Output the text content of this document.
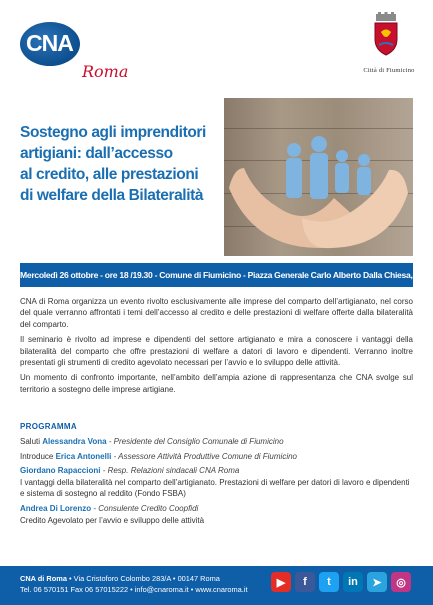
CNA
Roma	Città di Fiumicino
Sostegno agli imprenditori
artigiani: dall’accesso
al credito, alle prestazioni
di welfare della Bilateralità
Mercoledì 26 ottobre - ore 18 /19.30 - Comune di Fiumicino - Piazza Generale Carlo Alberto Dalla Chiesa, 78

CNA di Roma organizza un evento rivolto esclusivamente alle imprese del comparto dell’artigianato, nel corso del quale verranno affrontati i temi dell’accesso al credito e delle prestazioni di welfare offerte dalla bilateralità del comparto.

Il seminario è rivolto ad imprese e dipendenti del settore artigianato e mira a conoscere i vantaggi della bilateralità del comparto che offre prestazioni di welfare a datori di lavoro e dipendenti. Verranno inoltre presentati gli strumenti di credito agevolato necessari per l’avvio e lo sviluppo delle attività.

Un momento di confronto importante, nell’ambito dell’ampia azione di rappresentanza che CNA svolge sul territorio a sostegno delle imprese artigiane.

PROGRAMMA
Saluti Alessandra Vona - Presidente del Consiglio Comunale di Fiumicino
Introduce Erica Antonelli - Assessore Attività Produttive Comune di Fiumicino
Giordano Rapaccioni - Resp. Relazioni sindacali CNA Roma
I vantaggi della bilateralità nel comparto dell’artigianato. Prestazioni di welfare per datori di lavoro e dipendenti e sistema di sostegno al reddito (Fondo FSBA)
Andrea Di Lorenzo - Consulente Credito Coopfidi
Credito Agevolato per l’avvio e sviluppo delle attività
CNA di Roma • Via Cristoforo Colombo 283/A • 00147 Roma
Tel. 06 570151 Fax 06 57015222 • info@cnaroma.it • www.cnaroma.it
▶	f	t	in	➤	◎
